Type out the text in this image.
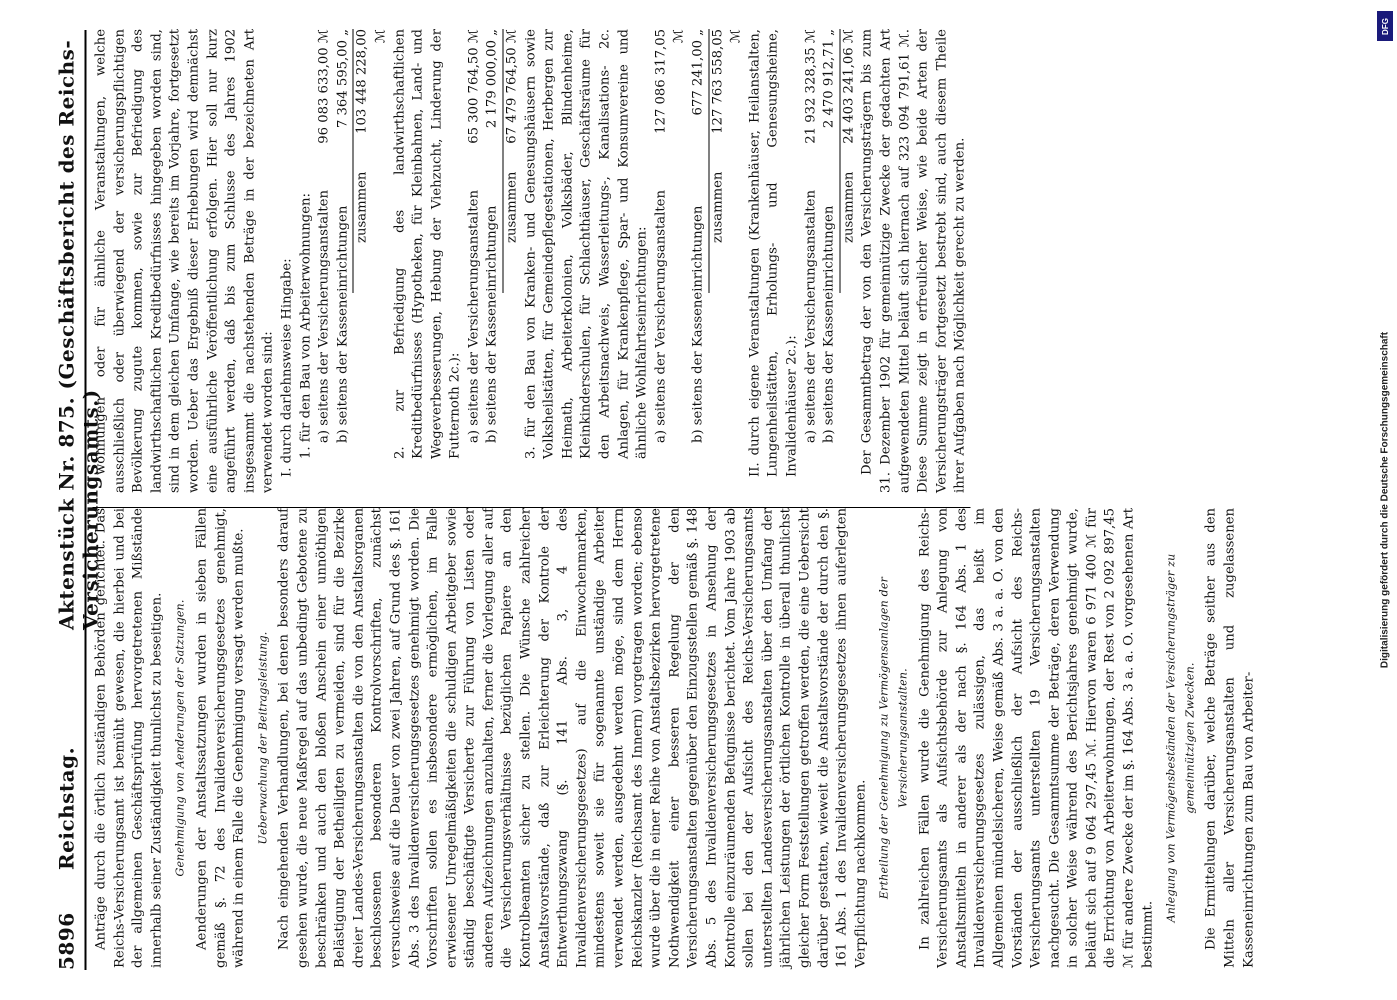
5896
Reichstag.
Aktenstück Nr. 875. (Geschäftsbericht des Reichs-Versicherungsamts.)

Anträge durch die örtlich zuständigen Behörden gerichtet. Das Reichs-Versicherungsamt ist bemüht gewesen, die hierbei und bei der allgemeinen Geschäftsprüfung hervorgetretenen Mißstände innerhalb seiner Zuständigkeit thunlichst zu beseitigen. Genehmigung von Aenderungen der Satzungen. Aenderungen der Anstaltssatzungen wurden in sieben Fällen gemäß §. 72 des Invalidenversicherungsgesetzes genehmigt, während in einem Falle die Genehmigung versagt werden mußte. Ueberwachung der Beitragsleistung. Nach eingehenden Verhandlungen, bei denen besonders darauf gesehen wurde, die neue Maßregel auf das unbedingt Gebotene zu beschränken und auch den bloßen Anschein einer unnöthigen Belästigung der Betheiligten zu vermeiden, sind für die Bezirke dreier Landes-Versicherungsanstalten die von den Anstaltsorganen beschlossenen besonderen Kontrolvorschriften, zunächst versuchsweise auf die Dauer von zwei Jahren, auf Grund des §. 161 Abs. 3 des Invalidenversicherungsgesetzes genehmigt worden. Die Vorschriften sollen es insbesondere ermöglichen, im Falle erwiesener Unregelmäßigkeiten die schuldigen Arbeitgeber sowie ständig beschäftigte Versicherte zur Führung von Listen oder anderen Aufzeichnungen anzuhalten, ferner die Vorlegung aller auf die Versicherungsverhältnisse bezüglichen Papiere an den Kontrolbeamten sicher zu stellen. Die Wünsche zahlreicher Anstaltsvorstände, daß zur Erleichterung der Kontrole der Entwerthungszwang (§. 141 Abs. 3, 4 des Invalidenversicherungsgesetzes) auf die Einwochenmarken, mindestens soweit sie für sogenannte unständige Arbeiter verwendet werden, ausgedehnt werden möge, sind dem Herrn Reichskanzler (Reichsamt des Innern) vorgetragen worden; ebenso wurde über die in einer Reihe von Anstaltsbezirken hervorgetretene Nothwendigkeit einer besseren Regelung der den Versicherungsanstalten gegenüber den Einzugsstellen gemäß §. 148 Abs. 5 des Invalidenversicherungsgesetzes in Ansehung der Kontrolle einzuräumenden Befugnisse berichtet. Vom Jahre 1903 ab sollen bei den der Aufsicht des Reichs-Versicherungsamts unterstellten Landesversicherungsanstalten über den Umfang der jährlichen Leistungen der örtlichen Kontrolle in überall thunlichst gleicher Form Feststellungen getroffen werden, die eine Uebersicht darüber gestatten, wieweit die Anstaltsvorstände der durch den §. 161 Abs. 1 des Invalidenversicherungsgesetzes ihnen auferlegten Verpflichtung nachkommen. Ertheilung der Genehmigung zu Vermögensanlagen der Versicherungsanstalten. In zahlreichen Fällen wurde die Genehmigung des Reichs-Versicherungsamts als Aufsichtsbehörde zur Anlegung von Anstaltsmitteln in anderer als der nach §. 164 Abs. 1 des Invalidenversicherungsgesetzes zulässigen, das heißt im Allgemeinen mündelsicheren, Weise gemäß Abs. 3 a. a. O. von den Vorständen der ausschließlich der Aufsicht des Reichs-Versicherungsamts unterstellten 19 Versicherungsanstalten nachgesucht. Die Gesammtsumme der Beträge, deren Verwendung in solcher Weise während des Berichtsjahres genehmigt wurde, beläuft sich auf 9 064 297,45 ℳ. Hiervon waren 6 971 400 ℳ für die Errichtung von Arbeiterwohnungen, der Rest von 2 092 897,45 ℳ für andere Zwecke der im §. 164 Abs. 3 a. a. O. vorgesehenen Art bestimmt.

Anlegung von Vermögensbeständen der Versicherungsträger zu gemeinnützigen Zwecken. Die Ermittelungen darüber, welche Beträge seither aus den Mitteln aller Versicherungsanstalten und zugelassenen Kasseneinrichtungen zum Bau von Arbeiter-

wohnungen oder für ähnliche Veranstaltungen, welche ausschließlich oder überwiegend der versicherungspflichtigen Bevölkerung zugute kommen, sowie zur Befriedigung des landwirthschaftlichen Kreditbedürfnisses hingegeben worden sind, sind in dem gleichen Umfange, wie bereits im Vorjahre, fortgesetzt worden. Ueber das Ergebniß dieser Erhebungen wird demnächst eine ausführliche Veröffentlichung erfolgen. Hier soll nur kurz angeführt werden, daß bis zum Schlusse des Jahres 1902 insgesammt die nachstehenden Beträge in der bezeichneten Art verwendet worden sind: I. durch darlehnsweise Hingabe: 1. für den Bau von Arbeiterwohnungen: a) seitens der Versicherungsanstalten
96 083 633,00 ℳ
b) seitens der Kasseneinrichtungen
7 364 595,00 „
zusammen
103 448 228,00 ℳ 2. zur Befriedigung des landwirthschaftlichen Kreditbedürfnisses (Hypotheken, für Kleinbahnen, Land- und Wegeverbesserungen, Hebung der Viehzucht, Linderung der Futternoth 2c.): a) seitens der Versicherungsanstalten
65 300 764,50 ℳ
b) seitens der Kasseneinrichtungen
2 179 000,00 „
zusammen
67 479 764,50 ℳ 3. für den Bau von Kranken- und Genesungshäusern sowie Volksheilstätten, für Gemeindepflegestationen, Herbergen zur Heimath, Arbeiterkolonien, Volksbäder, Blindenheime, Kleinkinderschulen, für Schlachthäuser, Geschäftsräume für den Arbeitsnachweis, Wasserleitungs-, Kanalisations- 2c. Anlagen, für Krankenpflege, Spar- und Konsumvereine und ähnliche Wohlfahrtseinrichtungen: a) seitens der Versicherungsanstalten
127 086 317,05 ℳ
b) seitens der Kasseneinrichtungen
677 241,00 „
zusammen
127 763 558,05 ℳ II. durch eigene Veranstaltungen (Krankenhäuser, Heilanstalten, Lungenheilstätten, Erholungs- und Genesungsheime, Invalidenhäuser 2c.): a) seitens der Versicherungsanstalten
21 932 328,35 ℳ
b) seitens der Kasseneinrichtungen
2 470 912,71 „
zusammen
24 403 241,06 ℳ Der Gesammtbetrag der von den Versicherungsträgern bis zum 31. Dezember 1902 für gemeinnützige Zwecke der gedachten Art aufgewendeten Mittel beläuft sich hiernach auf 323 094 791,61 ℳ. Diese Summe zeigt in erfreulicher Weise, wie beide Arten der Versicherungsträger fortgesetzt bestrebt sind, auch diesem Theile ihrer Aufgaben nach Möglichkeit gerecht zu werden.

DFG
Digitalisierung gefördert durch die Deutsche Forschungsgemeinschaft
